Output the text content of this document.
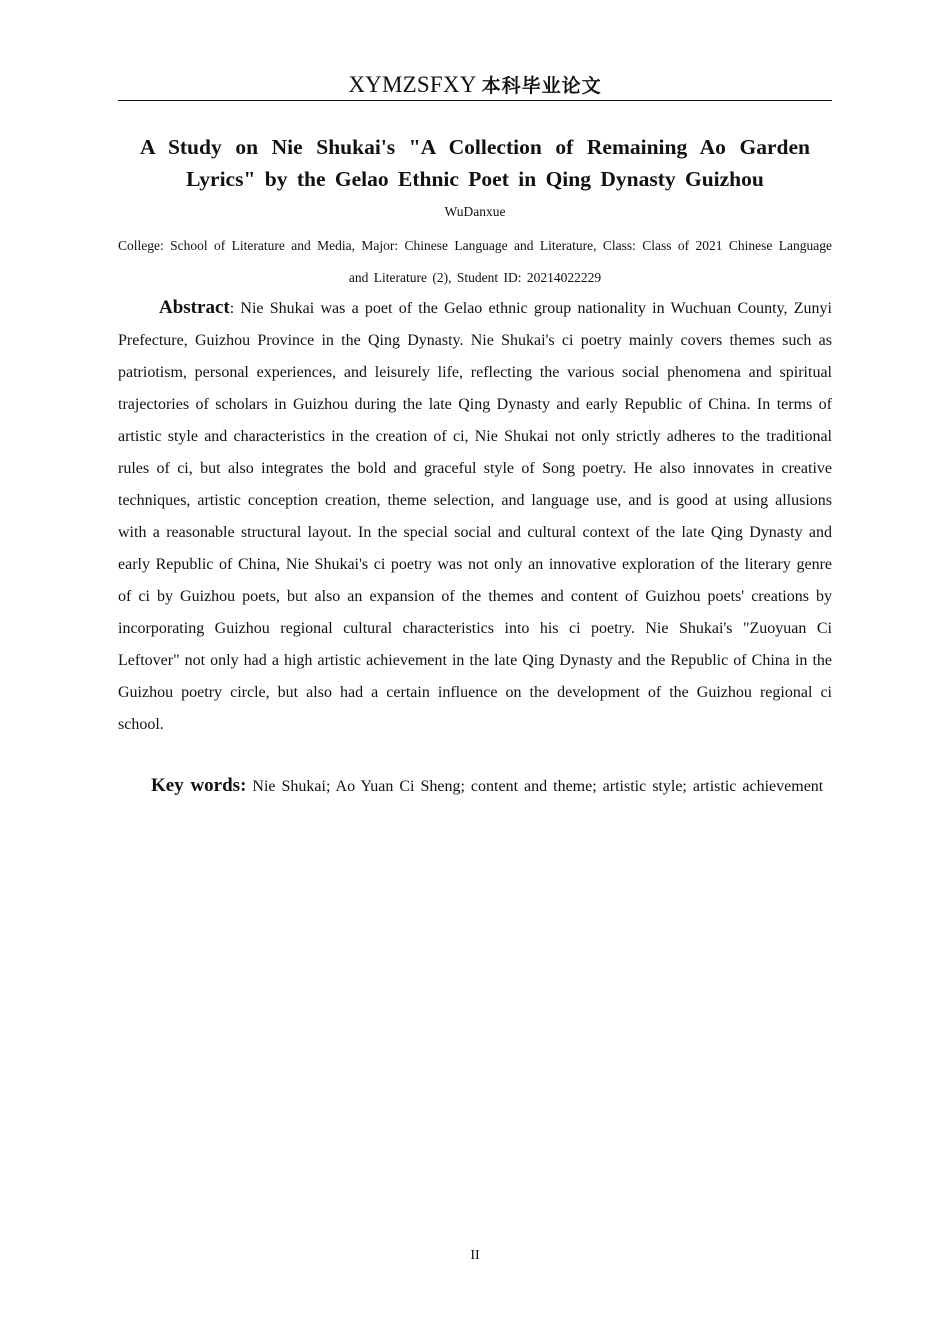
XYMZSFXY 本科毕业论文
A Study on Nie Shukai's "A Collection of Remaining Ao Garden Lyrics" by the Gelao Ethnic Poet in Qing Dynasty Guizhou
WuDanxue
College: School of Literature and Media, Major: Chinese Language and Literature, Class: Class of 2021 Chinese Language and Literature (2), Student ID: 20214022229

Abstract: Nie Shukai was a poet of the Gelao ethnic group nationality in Wuchuan County, Zunyi Prefecture, Guizhou Province in the Qing Dynasty. Nie Shukai's ci poetry mainly covers themes such as patriotism, personal experiences, and leisurely life, reflecting the various social phenomena and spiritual trajectories of scholars in Guizhou during the late Qing Dynasty and early Republic of China. In terms of artistic style and characteristics in the creation of ci, Nie Shukai not only strictly adheres to the traditional rules of ci, but also integrates the bold and graceful style of Song poetry. He also innovates in creative techniques, artistic conception creation, theme selection, and language use, and is good at using allusions with a reasonable structural layout. In the special social and cultural context of the late Qing Dynasty and early Republic of China, Nie Shukai's ci poetry was not only an innovative exploration of the literary genre of ci by Guizhou poets, but also an expansion of the themes and content of Guizhou poets' creations by incorporating Guizhou regional cultural characteristics into his ci poetry. Nie Shukai's "Zuoyuan Ci Leftover" not only had a high artistic achievement in the late Qing Dynasty and the Republic of China in the Guizhou poetry circle, but also had a certain influence on the development of the Guizhou regional ci school.

Key words: Nie Shukai; Ao Yuan Ci Sheng; content and theme; artistic style; artistic achievement

II
